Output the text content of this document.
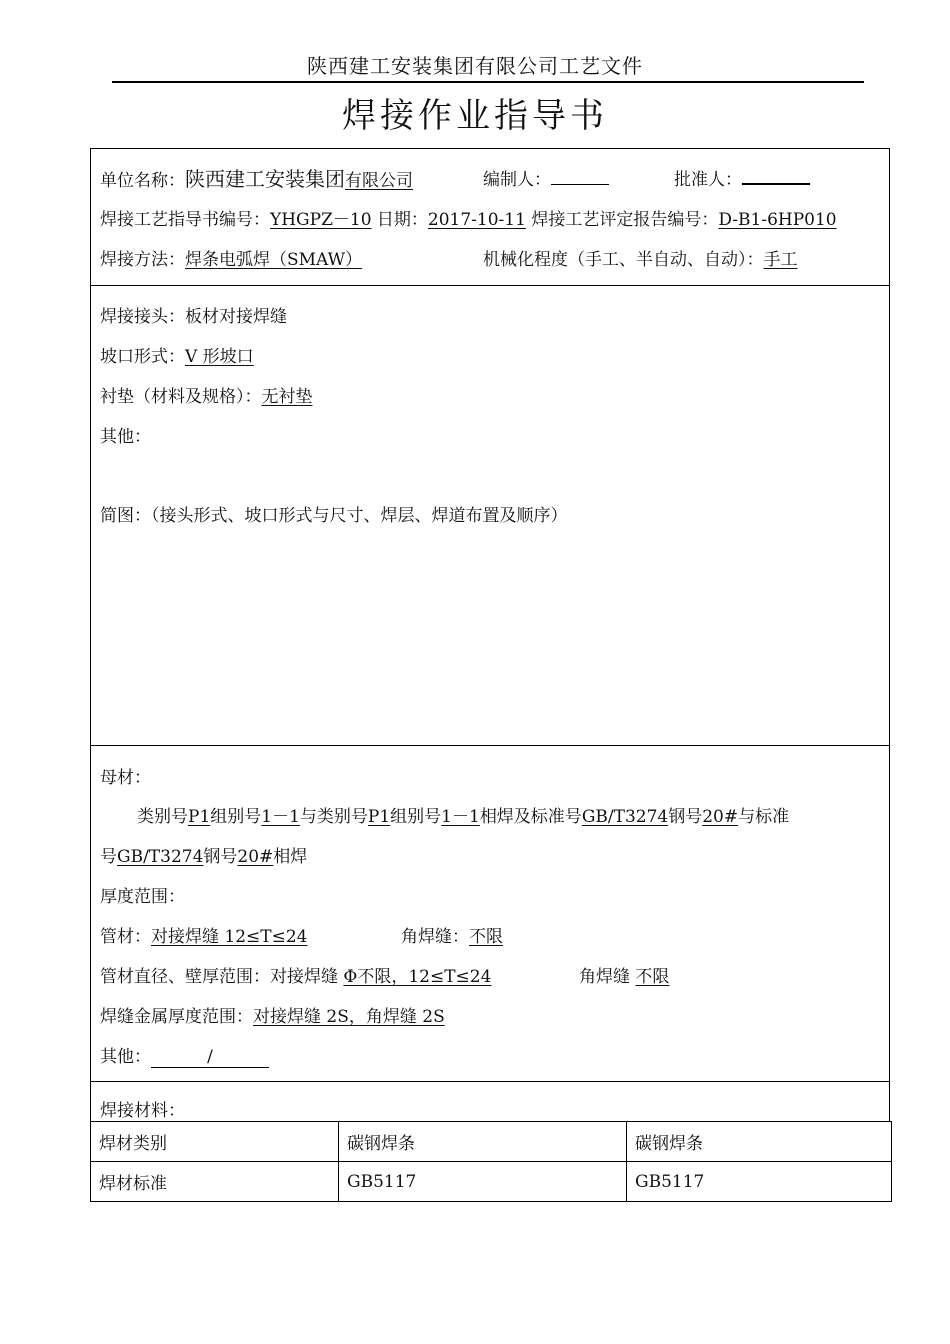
陕西建工安装集团有限公司工艺文件
焊接作业指导书
单位名称：陕西建工安装集团有限公司	编制人：	批准人：
焊接工艺指导书编号：YHGPZ－10 日期：2017-10-11 焊接工艺评定报告编号：D-B1-6HP010
焊接方法：焊条电弧焊（SMAW）	机械化程度（手工、半自动、自动）：手工
焊接接头：板材对接焊缝
坡口形式：V 形坡口
衬垫（材料及规格）：无衬垫
其他：
简图：（接头形式、坡口形式与尺寸、焊层、焊道布置及顺序）
母材：
类别号P1组别号1－1与类别号P1组别号1－1相焊及标准号GB/T3274钢号20#与标准
号GB/T3274钢号20#相焊
厚度范围：
管材：对接焊缝 12≤T≤24	角焊缝：不限
管材直径、壁厚范围：对接焊缝 Φ不限，12≤T≤24	角焊缝 不限
焊缝金属厚度范围：对接焊缝 2S，角焊缝 2S
其他：	/
焊接材料：
焊材类别	碳钢焊条	碳钢焊条
焊材标准	GB5117	GB5117
